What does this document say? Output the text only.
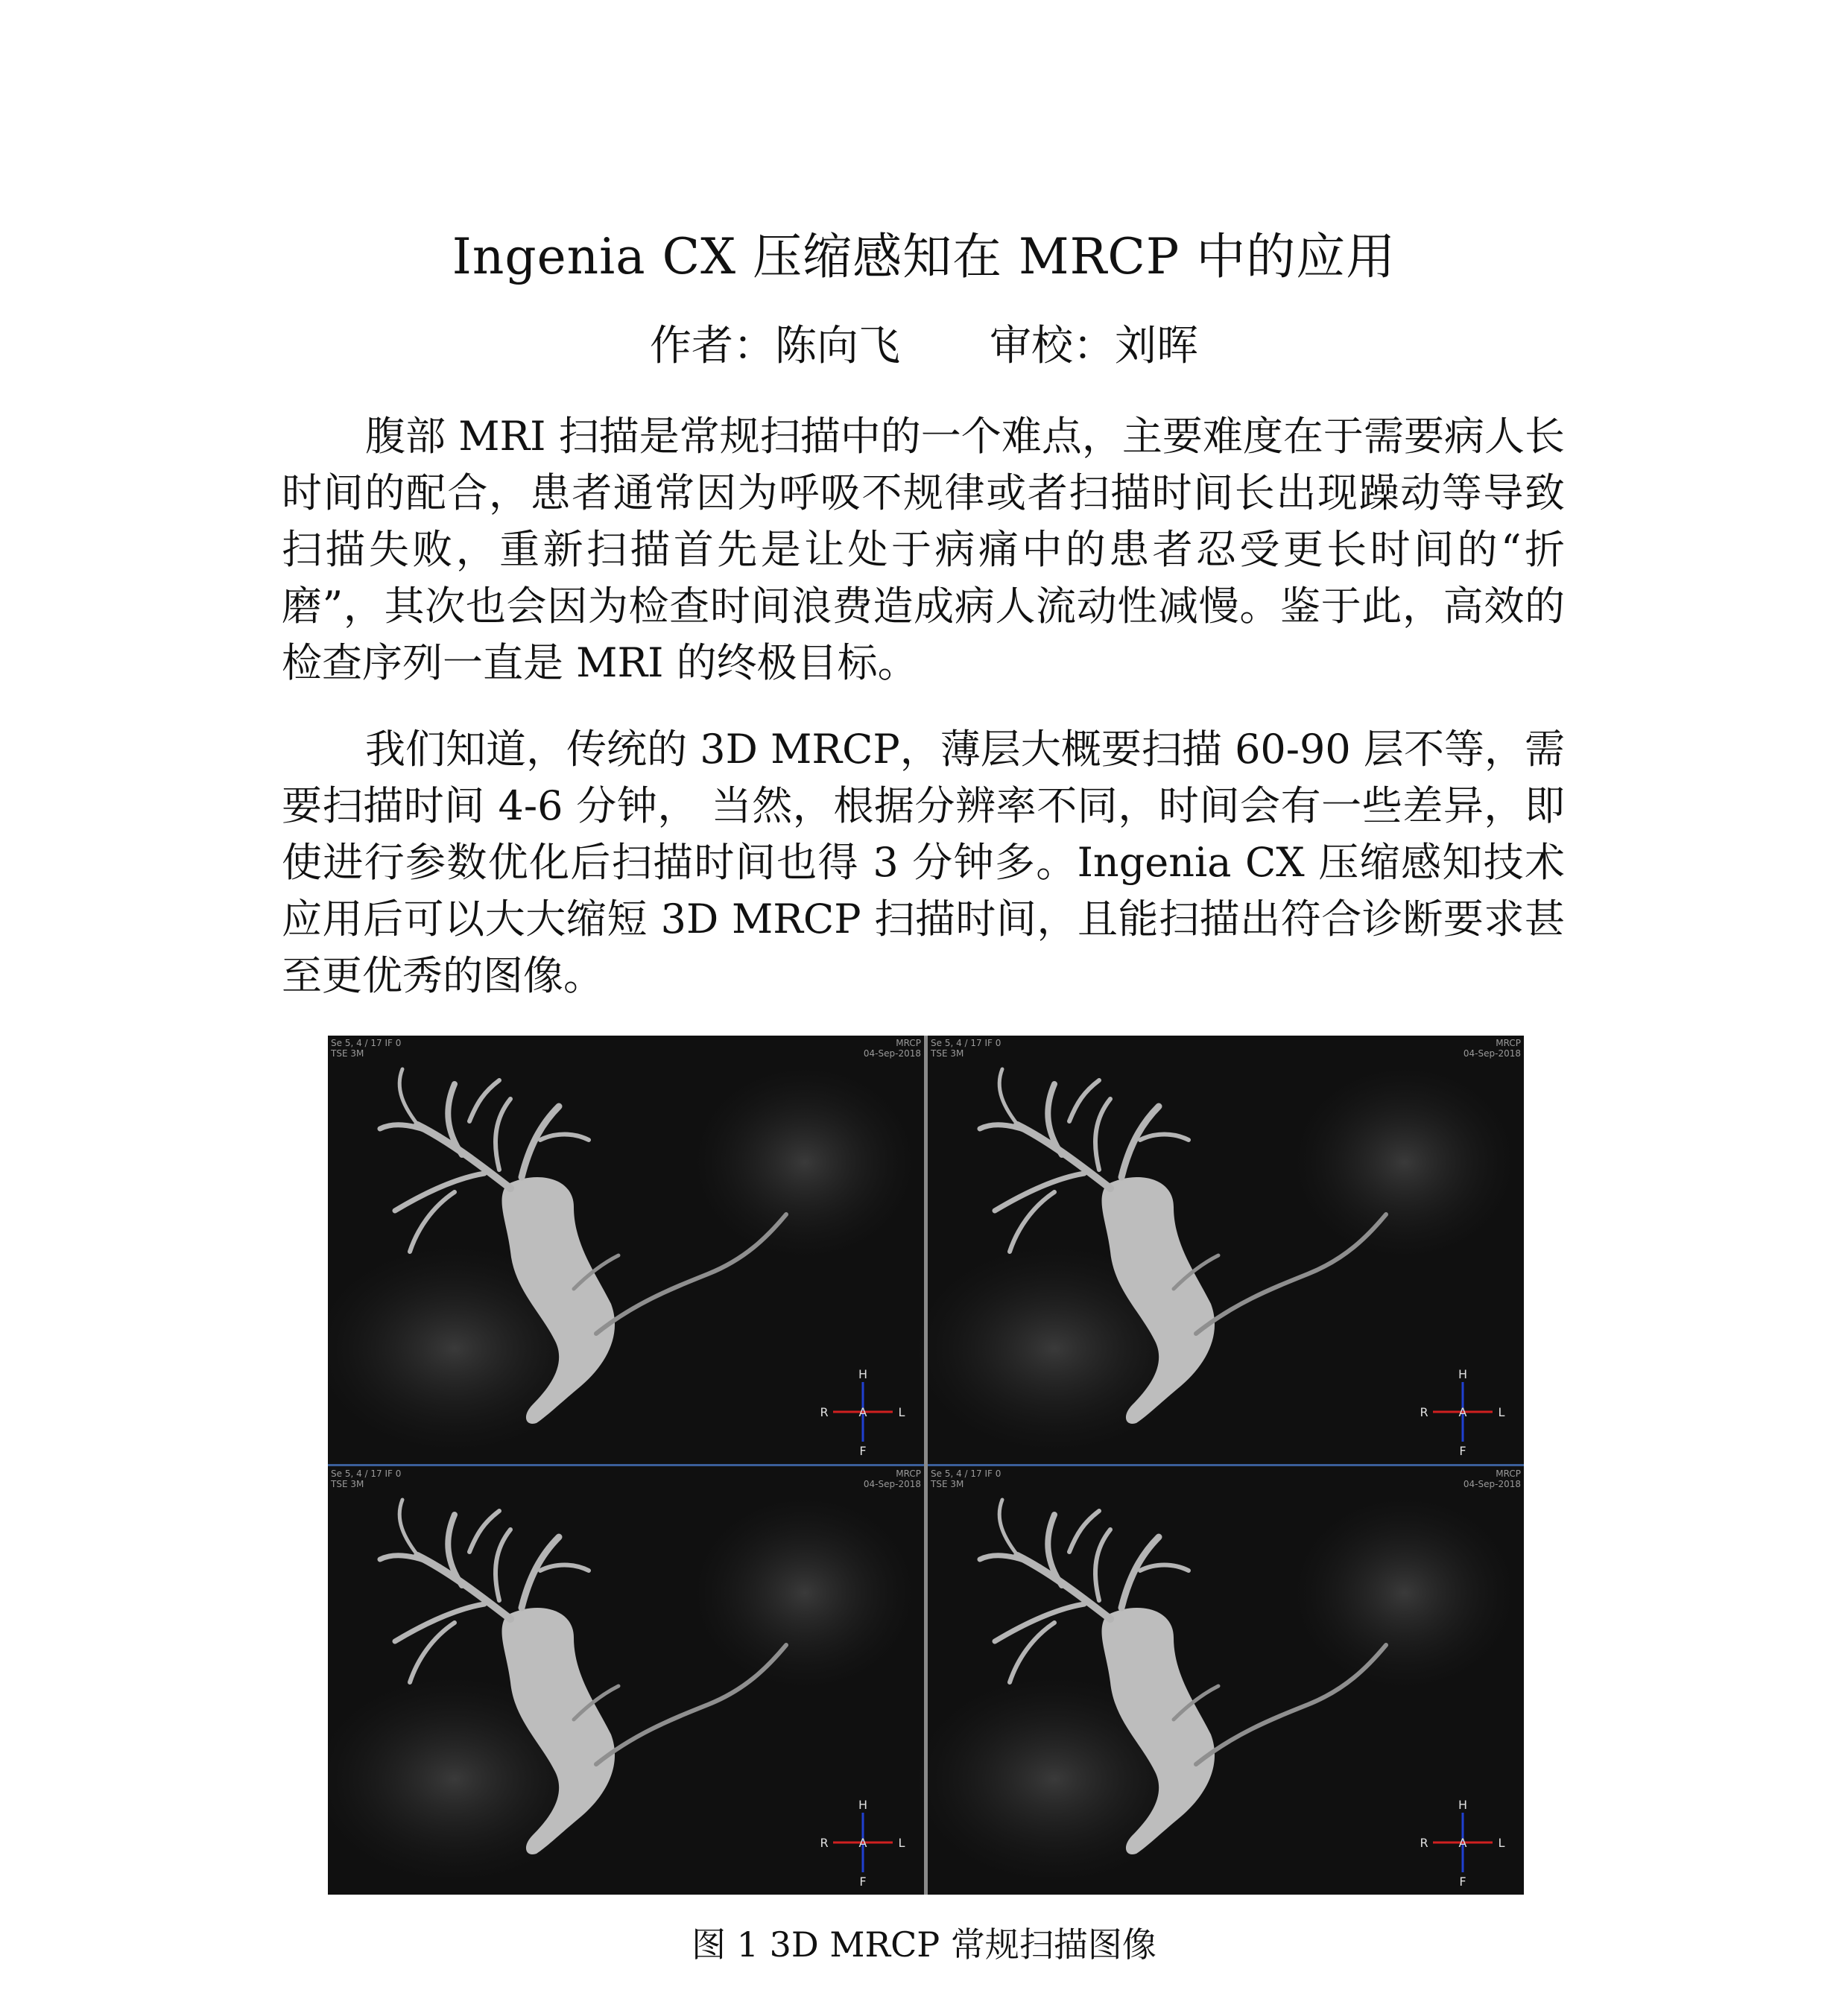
Ingenia CX 压缩感知在 MRCP 中的应用
作者：陈向飞 审校：刘晖

腹部 MRI 扫描是常规扫描中的一个难点，主要难度在于需要病人长时间的配合，患者通常因为呼吸不规律或者扫描时间长出现躁动等导致扫描失败，重新扫描首先是让处于病痛中的患者忍受更长时间的“折磨”，其次也会因为检查时间浪费造成病人流动性减慢。鉴于此，高效的检查序列一直是 MRI 的终极目标。

我们知道，传统的 3D MRCP，薄层大概要扫描 60-90 层不等，需要扫描时间 4-6 分钟， 当然，根据分辨率不同，时间会有一些差异，即使进行参数优化后扫描时间也得 3 分钟多。Ingenia CX 压缩感知技术应用后可以大大缩短 3D MRCP 扫描时间，且能扫描出符合诊断要求甚至更优秀的图像。

Se 5, 4 / 17 IF 0
TSE 3M
MRCP
04-Sep-2018
H
F
R	L
A
Se 5, 4 / 17 IF 0
TSE 3M
MRCP
04-Sep-2018
H
F
R	L
A
Se 5, 4 / 17 IF 0
TSE 3M
MRCP
04-Sep-2018
H
F
R	L
A
Se 5, 4 / 17 IF 0
TSE 3M
MRCP
04-Sep-2018
H
F
R	L
A
图 1 3D MRCP 常规扫描图像
